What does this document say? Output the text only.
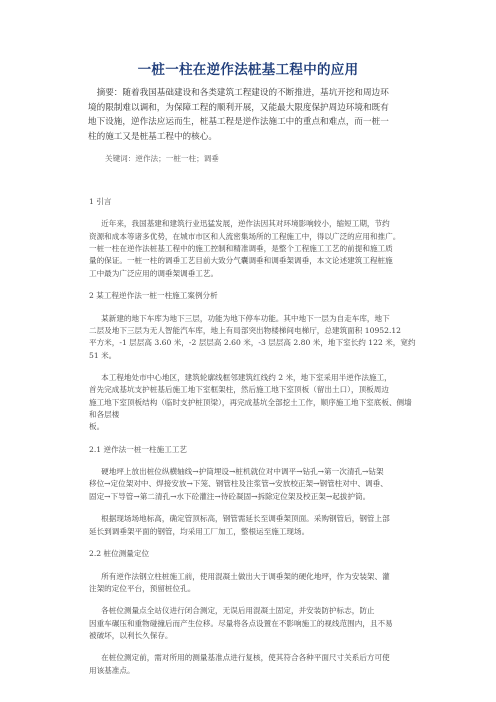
一桩一柱在逆作法桩基工程中的应用
摘要：随着我国基础建设和各类建筑工程建设的不断推进，基坑开挖和周边环
境的限制难以调和，为保障工程的顺利开展，又能最大限度保护周边环境和既有
地下设施，逆作法应运而生，桩基工程是逆作法施工中的重点和难点，而一桩一
柱的施工又是桩基工程中的核心。
关键词：逆作法；一桩一柱；调垂

1 引言

近年来，我国基建和建筑行业迅猛发展，逆作法因其对环境影响较小，缩短工期，节约

资源和成本等诸多优势，在城市市区和人流密集场所的工程施工中，得以广泛的应用和推广。

一桩一柱在逆作法桩基工程中的施工控制和精准调垂，是整个工程施工工艺的前提和施工质

量的保证。一桩一柱的调垂工艺目前大致分气囊调垂和调垂架调垂，本文论述建筑工程桩施

工中最为广泛应用的调垂架调垂工艺。

2 某工程逆作法一桩一柱施工案例分析

某新建的地下车库为地下三层，功能为地下停车功能。其中地下一层为自走车库，地下

二层及地下三层为无人智能汽车库，地上有局部突出物楼梯间电梯厅，总建筑面积 10952.12

平方米，-1 层层高 3.60 米，-2 层层高 2.60 米，-3 层层高 2.80 米，地下室长约 122 米，宽约

51 米。

本工程地处市中心地区，建筑轮廓线框邻建筑红线约 2 米，地下室采用半逆作法施工，

首先完成基坑支护桩基后施工地下室框架柱，然后施工地下室顶板（留出土口），顶板周边

施工地下室顶板结构（临时支护桩顶梁），再完成基坑全部挖土工作，顺序施工地下室底板、侧墙和各层楼

板。

2.1 逆作法一桩一柱施工工艺

硬地坪上放出桩位纵横轴线→护筒埋设→桩机就位对中调平→钻孔→第一次清孔→钻架

移位→定位架对中、焊接安放→下笼、钢管柱及注浆管→安放校正架→钢管柱对中、调垂、

固定→下导管→第二清孔→水下砼灌注→待砼凝固→拆除定位架及校正架→起拔护筒。

根据现场场地标高，确定管顶标高，钢管需延长至调垂架顶面。采购钢管后，钢管上部

延长到调垂架平面的钢管，均采用工厂加工，整根运至施工现场。

2.2 桩位测量定位

所有逆作法钢立柱桩施工前，使用混凝土做出大于调垂架的硬化地坪，作为安装架、灌

注架的定位平台，预留桩位孔。

各桩位测量点全站仪进行闭合测定，无误后用混凝土固定，并安装防护标志，防止

因重车碾压和重物碰撞后而产生位移。尽量将各点设置在不影响施工的视线范围内，且不易

被破坏，以利长久保存。

在桩位测定前，需对所用的测量基准点进行复核，使其符合各种平面尺寸关系后方可使

用该基准点。
